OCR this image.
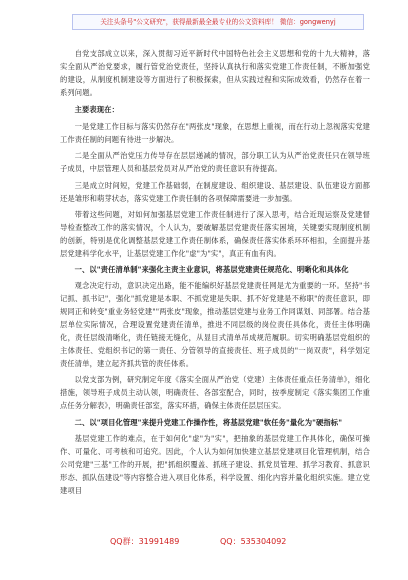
关注头条号"公文研究"，获得最新最全最专业的公文资料库！ 微信：gongwenyj

自党支部成立以来，深入贯彻习近平新时代中国特色社会主义思想和党的十九大精神，落实全面从严治党要求，履行管党治党责任，坚持认真执行和落实党建工作责任制，不断加强党的建设，从制度机制建设等方面进行了积极探索，但从实践过程和实际成效看，仍然存在着一系列问题。

主要表现在：

一是党建工作目标与落实仍然存在"两张皮"现象，在思想上重视，而在行动上忽视落实党建工作责任制的问题有待进一步解决。

二是全面从严治党压力传导存在层层递减的情况，部分职工认为从严治党责任只在领导班子成员，中层管理人员和基层党员对从严治党的责任意识有待提高。

三是成立时间短，党建工作基础弱，在制度建设、组织建设、基层建设、队伍建设方面都还是雏形和萌芽状态，落实党建工作责任制的各项保障需要进一步加强。

带着这些问题，对如何加强基层党建工作责任制进行了深入思考，结合近现运察及党建督导检查整改工作的落实情况，个人认为，要破解基层党建责任落实困境，关键要实现制度机制的创新，特别是优化调整基层党建工作责任制体系，确保责任落实体系环环相扣，全面提升基层党建科学化水平，让基层党建工作化"虚"为"实"，真正有血有肉。

一、以"责任清单制"来强化主责主业意识，将基层党建责任规范化、明晰化和具体化

观念决定行动，意识决定出路，能不能编织好基层党建责任网是尤为重要的一环。坚持"书记抓、抓书记"，强化"抓党建是本职、不抓党建是失职、抓不好党建是不称职"的责任意识，即规同正和转变"重业务轻党建""两张皮"现象，推动基层党建与业务工作同谋划、同部署。结合基层单位实际情况，合理设置党建责任清单，推进不同层级的岗位责任具体化，责任主体明确化，责任层级清晰化，责任链接无缝化，从显目式清单吊成规范履职。切实明确基层党组织的主体责任、党组织书记的第一责任、分管领导的直接责任、班子成员的"一岗双责"，科学划定责任清单，建立起齐抓共管的责任体系。

以党支部为例，研究制定年度《落实全面从严治党（党建）主体责任重点任务清单》，细化措施，领导班子成员主动认领，明确责任、各部室配合，同时，按季度制定《落实集团工作重点任务分解表》，明确责任部室，落实环措，确保主体责任层层压实。

二、以"项目化管理"来提升党建工作操作性，将基层党建"软任务"量化为"硬指标"

基层党建工作的难点，在于如何化"虚"为"实"，把抽象的基层党建工作具体化，确保可操作、可量化、可考核和可追究。因此，个人认为如何加快建立基层党建项目化管理机制，结合公司党建"三基"工作的开展，把"抓组织覆盖、抓班子建设、抓党员管理、抓学习教育、抓意识形态、抓队伍建设"等内容整合进入项目化体系，科学设置、细化内容并量化组织实施。建立党建项目

QQ群：31991489	QQ：535304092
